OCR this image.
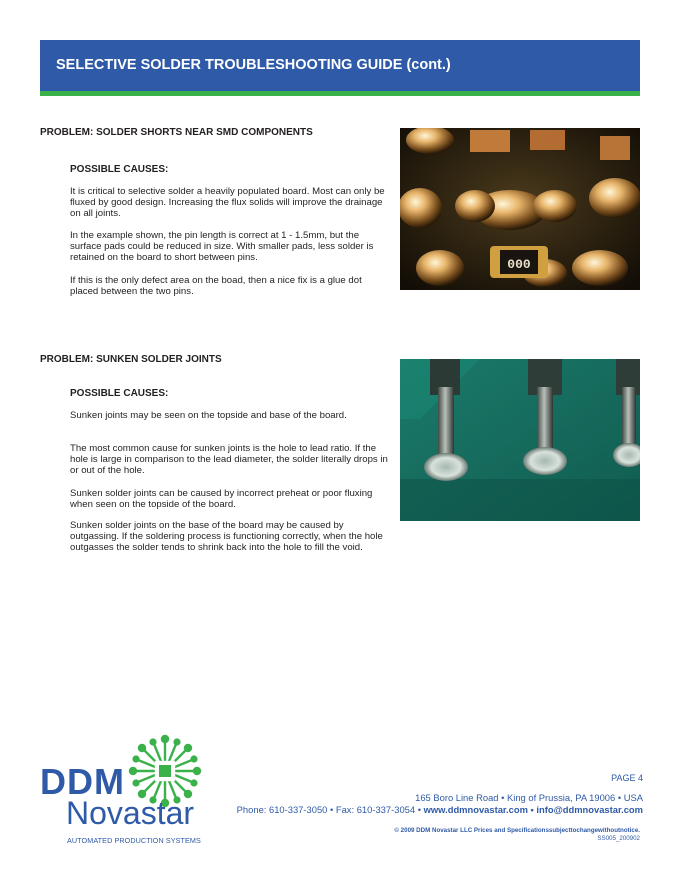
SELECTIVE SOLDER TROUBLESHOOTING GUIDE (cont.)
PROBLEM: SOLDER SHORTS NEAR SMD COMPONENTS
POSSIBLE CAUSES:

It is critical to selective solder a heavily populated board. Most can only be fluxed by good design. Increasing the flux solids will improve the drainage on all joints.

In the example shown, the pin length is correct at 1 - 1.5mm, but the surface pads could be reduced in size. With smaller pads, less solder is retained on the board to short between pins.

If this is the only defect area on the boad, then a nice fix is a glue dot placed between the two pins.

000
PROBLEM: SUNKEN SOLDER JOINTS
POSSIBLE CAUSES:

Sunken joints may be seen on the topside and base of the board.

The most common cause for sunken joints is the hole to lead ratio. If the hole is large in comparison to the lead diameter, the solder literally drops in or out of the hole.

Sunken solder joints can be caused by incorrect preheat or poor fluxing when seen on the topside of the board.

Sunken solder joints on the base of the board may be caused by outgassing. If the soldering process is functioning correctly, when the hole outgasses the solder tends to shrink back into the hole to fill the void.

DDM
Novastar
AUTOMATED PRODUCTION SYSTEMS
PAGE 4
165 Boro Line Road • King of Prussia, PA 19006 • USA
Phone: 610-337-3050 • Fax: 610-337-3054 • www.ddmnovastar.com • info@ddmnovastar.com
© 2009 DDM Novastar LLC Prices and Specificationssubjecttochangewithoutnotice.
SS005_200902
